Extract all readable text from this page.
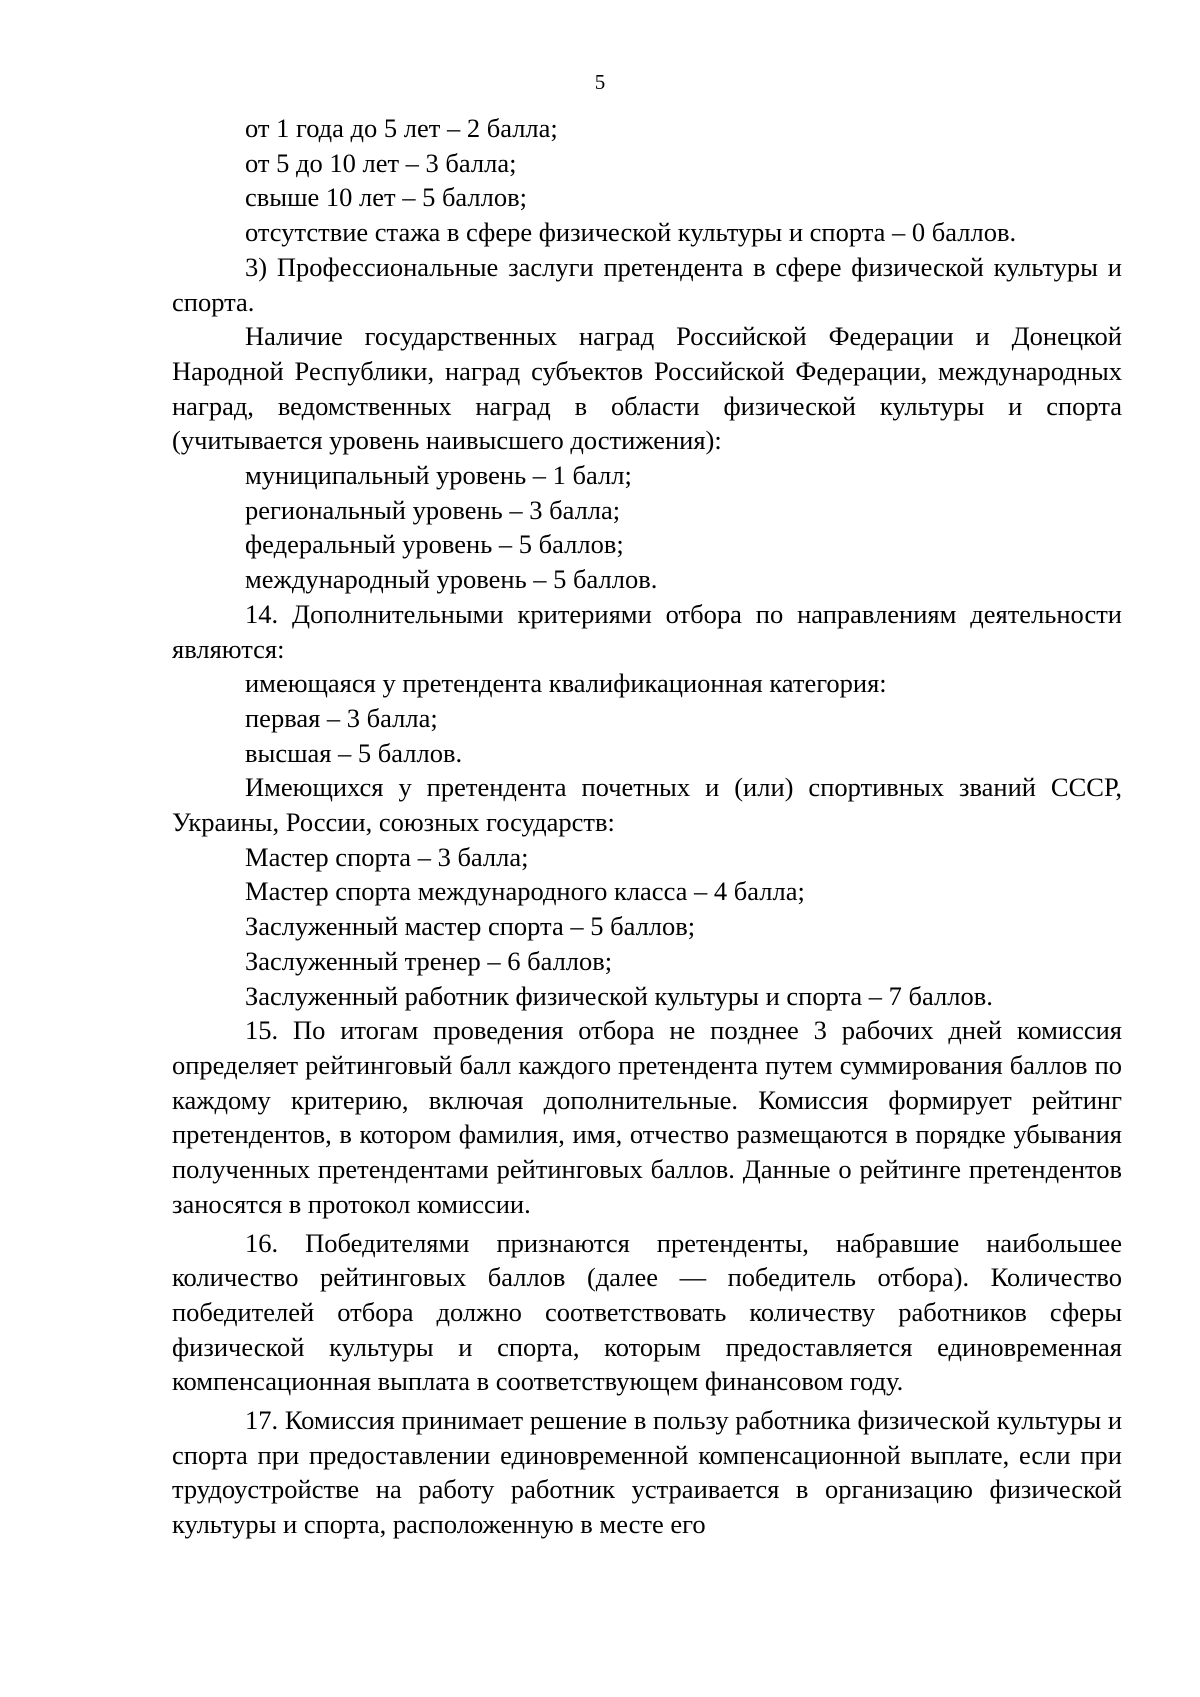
5

от 1 года до 5 лет – 2 балла;

от 5 до 10 лет – 3 балла;

свыше 10 лет – 5 баллов;

отсутствие стажа в сфере физической культуры и спорта – 0 баллов.

3) Профессиональные заслуги претендента в сфере физической культуры и спорта.

Наличие государственных наград Российской Федерации и Донецкой Народной Республики, наград субъектов Российской Федерации, международных наград, ведомственных наград в области физической культуры и спорта (учитывается уровень наивысшего достижения):

муниципальный уровень – 1 балл;

региональный уровень – 3 балла;

федеральный уровень – 5 баллов;

международный уровень – 5 баллов.

14. Дополнительными критериями отбора по направлениям деятельности являются:

имеющаяся у претендента квалификационная категория:

первая – 3 балла;

высшая – 5 баллов.

Имеющихся у претендента почетных и (или) спортивных званий СССР, Украины, России, союзных государств:

Мастер спорта – 3 балла;

Мастер спорта международного класса – 4 балла;

Заслуженный мастер спорта – 5 баллов;

Заслуженный тренер – 6 баллов;

Заслуженный работник физической культуры и спорта – 7 баллов.

15. По итогам проведения отбора не позднее 3 рабочих дней комиссия определяет рейтинговый балл каждого претендента путем суммирования баллов по каждому критерию, включая дополнительные. Комиссия формирует рейтинг претендентов, в котором фамилия, имя, отчество размещаются в порядке убывания полученных претендентами рейтинговых баллов. Данные о рейтинге претендентов заносятся в протокол комиссии.

16. Победителями признаются претенденты, набравшие наибольшее количество рейтинговых баллов (далее — победитель отбора). Количество победителей отбора должно соответствовать количеству работников сферы физической культуры и спорта, которым предоставляется единовременная компенсационная выплата в соответствующем финансовом году.

17. Комиссия принимает решение в пользу работника физической культуры и спорта при предоставлении единовременной компенсационной выплате, если при трудоустройстве на работу работник устраивается в организацию физической культуры и спорта, расположенную в месте его
